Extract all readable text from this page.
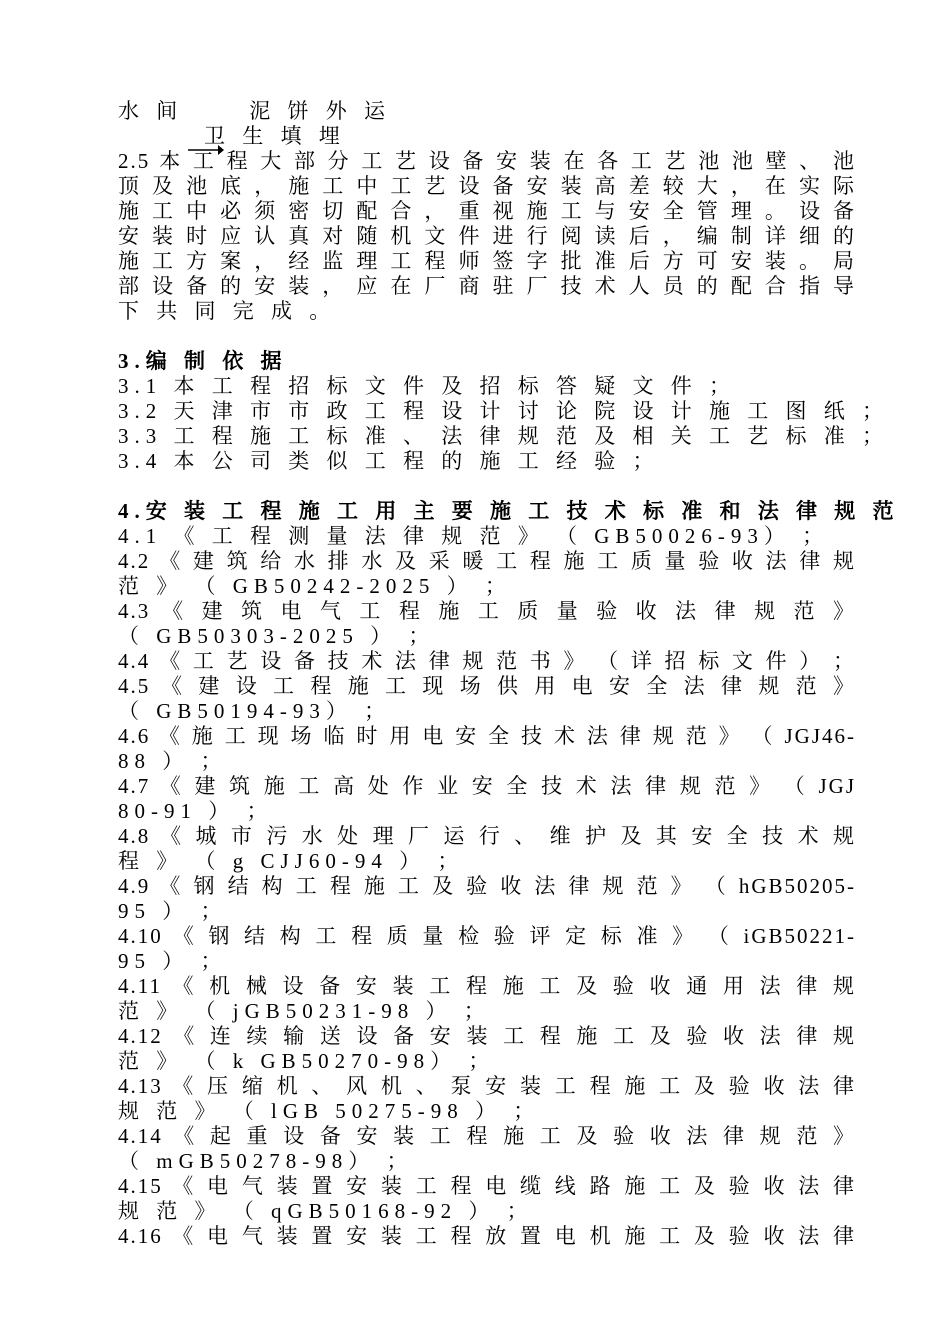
水 间	泥 饼 外 运
卫 生 填 埋
2.5 本 工 程 大 部 分 工 艺 设 备 安 装 在 各 工 艺 池 池 壁 、 池
顶 及 池 底 ， 施 工 中 工 艺 设 备 安 装 高 差 较 大 ， 在 实 际
施 工 中 必 须 密 切 配 合 ， 重 视 施 工 与 安 全 管 理 。 设 备
安 装 时 应 认 真 对 随 机 文 件 进 行 阅 读 后 ， 编 制 详 细 的
施 工 方 案 ， 经 监 理 工 程 师 签 字 批 准 后 方 可 安 装 。 局
部 设 备 的 安 装 ， 应 在 厂 商 驻 厂 技 术 人 员 的 配 合 指 导
下 共 同 完 成 。
3.编 制 依 据
3.1 本 工 程 招 标 文 件 及 招 标 答 疑 文 件 ；
3.2 天 津 市 市 政 工 程 设 计 讨 论 院 设 计 施 工 图 纸 ；
3.3 工 程 施 工 标 准 、 法 律 规 范 及 相 关 工 艺 标 准 ；
3.4 本 公 司 类 似 工 程 的 施 工 经 验 ；
4.安 装 工 程 施 工 用 主 要 施 工 技 术 标 准 和 法 律 规 范
4.1 《 工 程 测 量 法 律 规 范 》 （ GB50026-93） ；
4.2 《 建 筑 给 水 排 水 及 采 暖 工 程 施 工 质 量 验 收 法 律 规
范 》 （ GB50242-2025 ） ；
4.3 《 建 筑 电 气 工 程 施 工 质 量 验 收 法 律 规 范 》
（ GB50303-2025 ） ；
4.4 《 工 艺 设 备 技 术 法 律 规 范 书 》 （ 详 招 标 文 件 ） ；
4.5 《 建 设 工 程 施 工 现 场 供 用 电 安 全 法 律 规 范 》
（ GB50194-93） ；
4.6 《 施 工 现 场 临 时 用 电 安 全 技 术 法 律 规 范 》 （ JGJ46-
88 ） ；
4.7 《 建 筑 施 工 高 处 作 业 安 全 技 术 法 律 规 范 》 （ JGJ
80-91 ） ；
4.8 《 城 市 污 水 处 理 厂 运 行 、 维 护 及 其 安 全 技 术 规
程 》 （ g CJJ60-94 ） ；
4.9 《 钢 结 构 工 程 施 工 及 验 收 法 律 规 范 》 （ hGB50205-
95 ） ；
4.10 《 钢 结 构 工 程 质 量 检 验 评 定 标 准 》 （ iGB50221-
95 ） ；
4.11 《 机 械 设 备 安 装 工 程 施 工 及 验 收 通 用 法 律 规
范 》 （ jGB50231-98 ） ；
4.12 《 连 续 输 送 设 备 安 装 工 程 施 工 及 验 收 法 律 规
范 》 （ k GB50270-98） ；
4.13 《 压 缩 机 、 风 机 、 泵 安 装 工 程 施 工 及 验 收 法 律
规 范 》 （ lGB 50275-98 ） ；
4.14 《 起 重 设 备 安 装 工 程 施 工 及 验 收 法 律 规 范 》
（ mGB50278-98） ；
4.15 《 电 气 装 置 安 装 工 程 电 缆 线 路 施 工 及 验 收 法 律
规 范 》 （ qGB50168-92 ） ；
4.16 《 电 气 装 置 安 装 工 程 放 置 电 机 施 工 及 验 收 法 律
